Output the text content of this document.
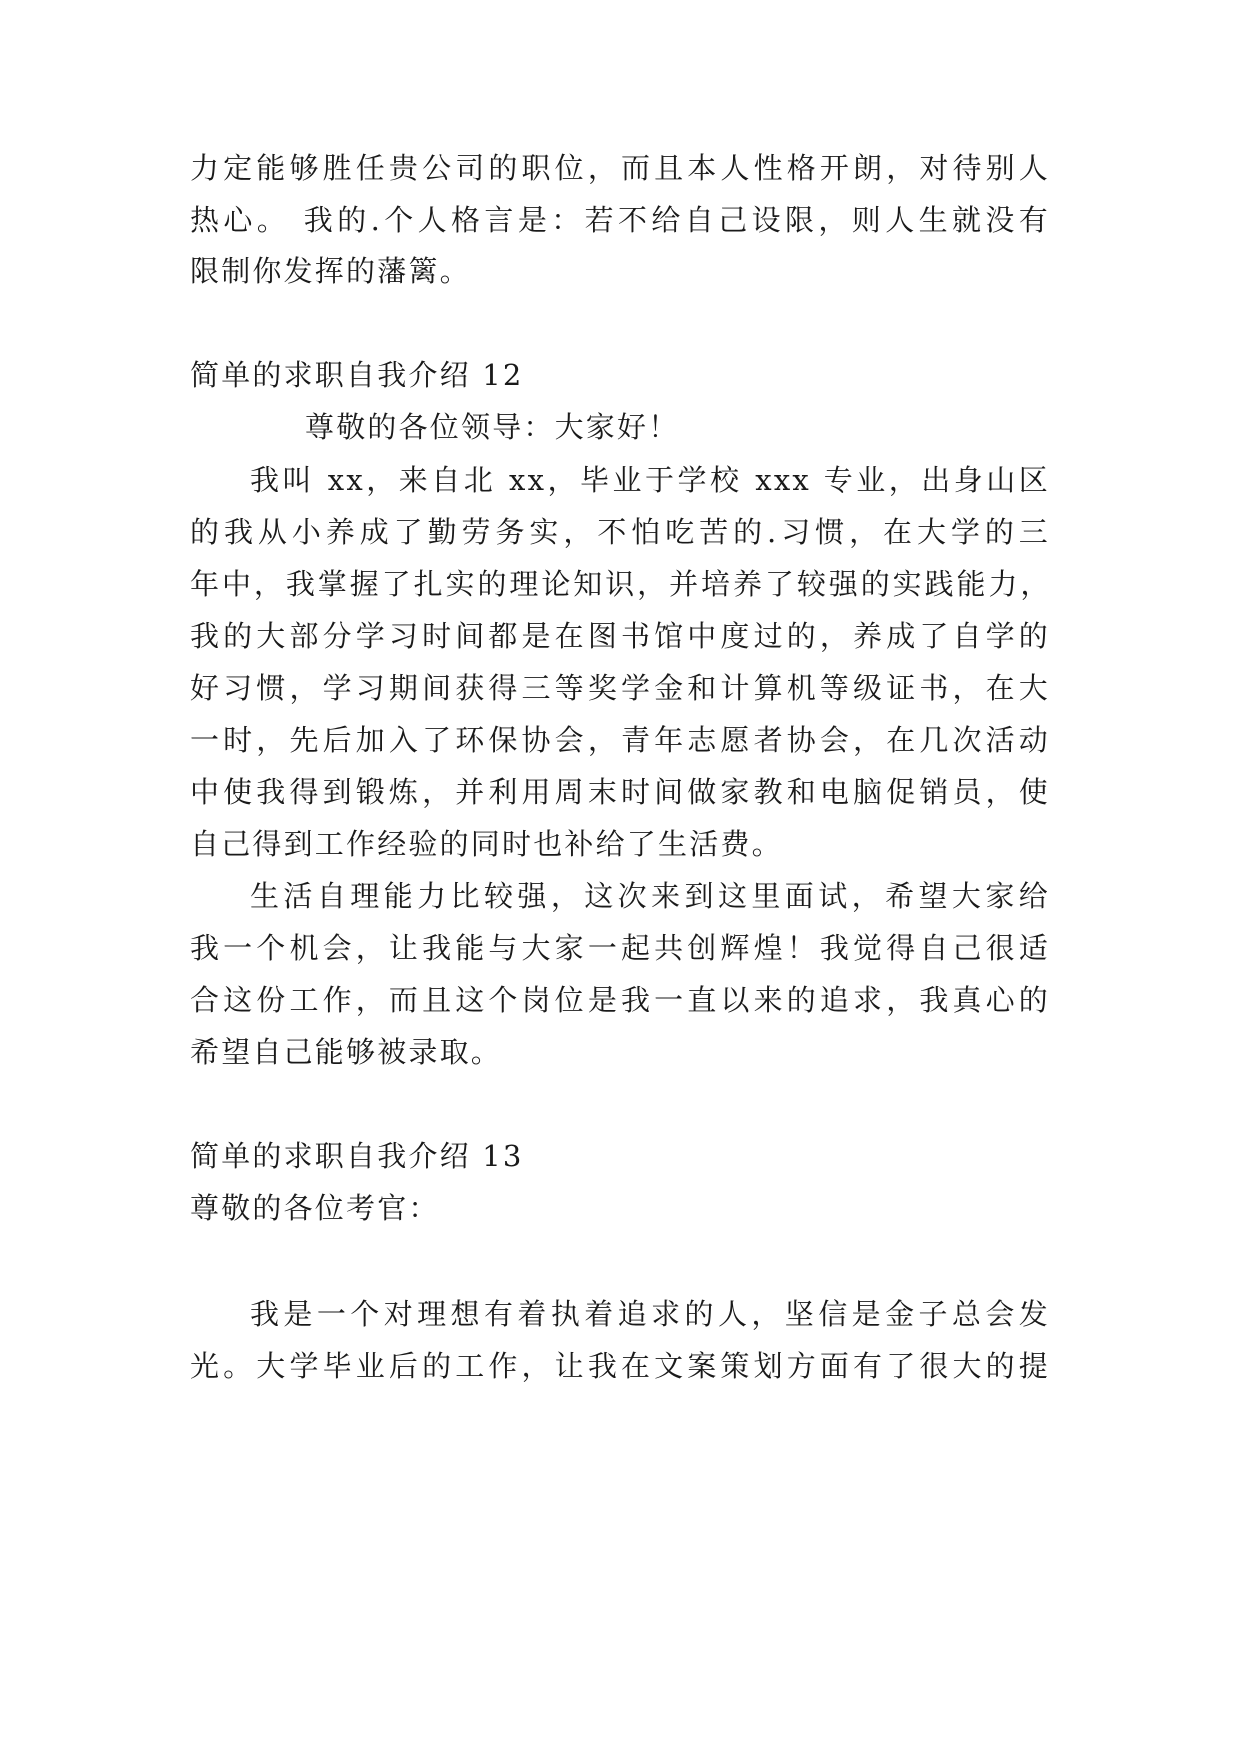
力定能够胜任贵公司的职位，而且本人性格开朗，对待别人
热心。 我的.个人格言是：若不给自己设限，则人生就没有
限制你发挥的藩篱。
简单的求职自我介绍 12
尊敬的各位领导：大家好！
我叫 xx，来自北 xx，毕业于学校 xxx 专业，出身山区
的我从小养成了勤劳务实，不怕吃苦的.习惯，在大学的三
年中，我掌握了扎实的理论知识，并培养了较强的实践能力，
我的大部分学习时间都是在图书馆中度过的，养成了自学的
好习惯，学习期间获得三等奖学金和计算机等级证书，在大
一时，先后加入了环保协会，青年志愿者协会，在几次活动
中使我得到锻炼，并利用周末时间做家教和电脑促销员，使
自己得到工作经验的同时也补给了生活费。
生活自理能力比较强，这次来到这里面试，希望大家给
我一个机会，让我能与大家一起共创辉煌！我觉得自己很适
合这份工作，而且这个岗位是我一直以来的追求，我真心的
希望自己能够被录取。
简单的求职自我介绍 13
尊敬的各位考官：
我是一个对理想有着执着追求的人，坚信是金子总会发
光。大学毕业后的工作，让我在文案策划方面有了很大的提
